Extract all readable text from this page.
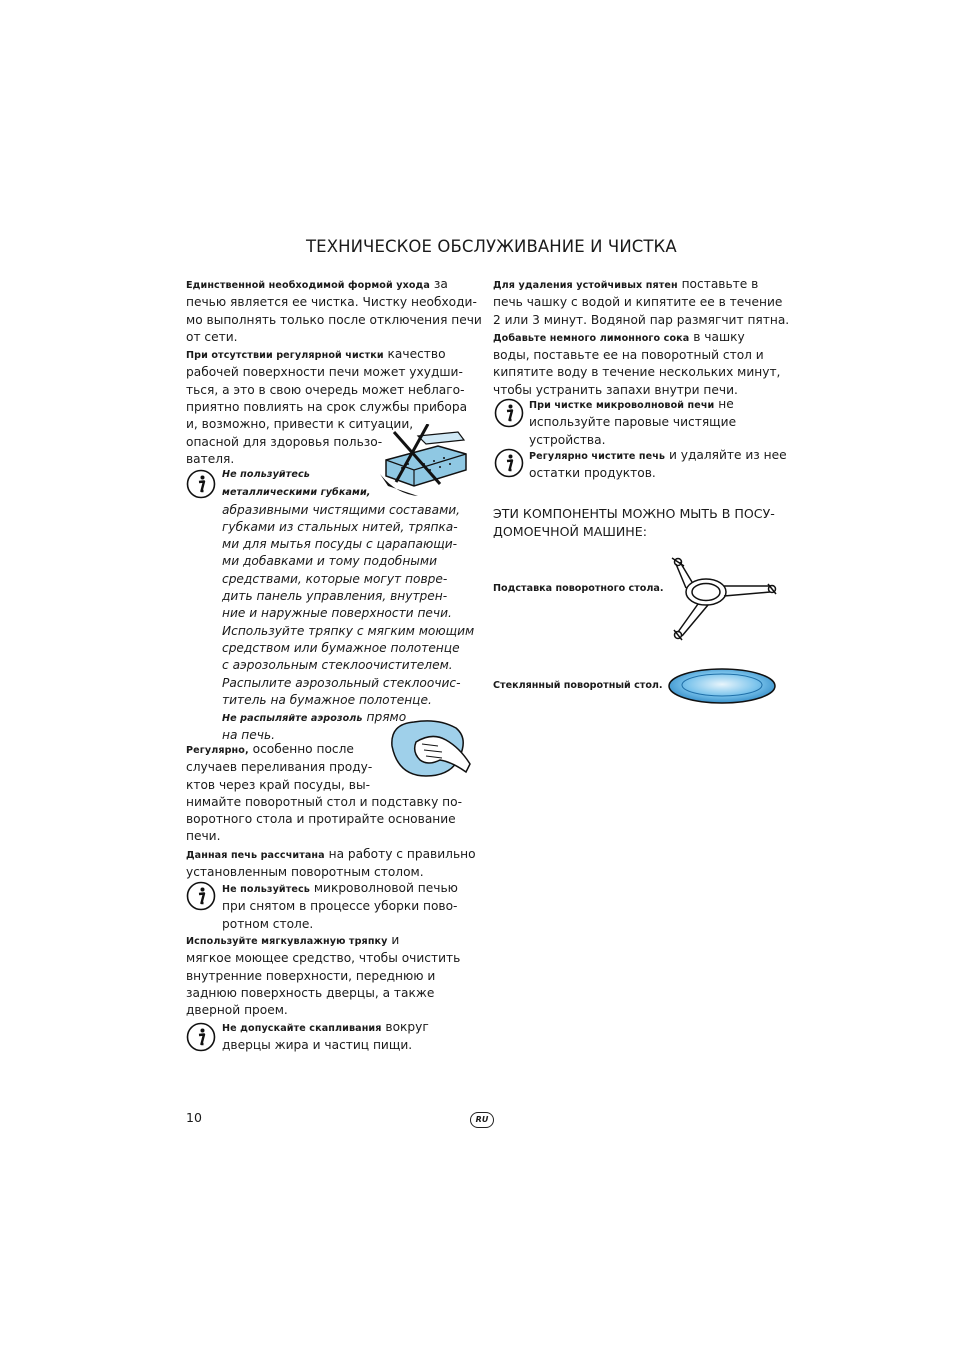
ТЕХНИЧЕСКОЕ ОБСЛУЖИВАНИЕ И ЧИСТКА

Единственной необходимой формой ухода за

печью является ее чистка. Чистку необходи-

мо выполнять только после отключения печи

от сети.

При отсутствии регулярной чистки качество

рабочей поверхности печи может ухудши-

ться, а это в свою очередь может неблаго-

приятно повлиять на срок службы прибора

и, возможно, привести к ситуации,

опасной для здоровья пользо-

вателя.

Не пользуйтесь

металлическими губками,

абразивными чистящими составами,

губками из стальных нитей, тряпка-

ми для мытья посуды с царапающи-

ми добавками и тому подобными

средствами, которые могут повре-

дить панель управления, внутрен-

ние и наружные поверхности печи.

Используйте тряпку с мягким моющим

средством или бумажное полотенце

с аэрозольным стеклоочистителем.

Распылите аэрозольный стеклоочис-

титель на бумажное полотенце.

Не распыляйте аэрозоль прямо

на печь.

Регулярно, особенно после

случаев переливания проду-

ктов через край посуды, вы-

нимайте поворотный стол и подставку по-

воротного стола и протирайте основание

печи.

Данная печь рассчитана на работу с правильно

установленным поворотным столом.

Не пользуйтесь микроволновой печью

при снятом в процессе уборки пово-

ротном столе.

Используйте мягкувлажную тряпку и

мягкое моющее средство, чтобы очистить

внутренние поверхности, переднюю и

заднюю поверхность дверцы, а также

дверной проем.

Не допускайте скапливания вокруг

дверцы жира и частиц пищи.

Для удаления устойчивых пятен поставьте в

печь чашку с водой и кипятите ее в течение

2 или 3 минут. Водяной пар размягчит пятна.

Добавьте немного лимонного сока в чашку

воды, поставьте ее на поворотный стол и

кипятите воду в течение нескольких минут,

чтобы устранить запахи внутри печи.

При чистке микроволновой печи не

используйте паровые чистящие

устройства.

Регулярно чистите печь и удаляйте из нее

остатки продуктов.

ЭТИ КОМПОНЕНТЫ МОЖНО МЫТЬ В ПОСУ-
ДОМОЕЧНОЙ МАШИНЕ:
Подставка поворотного стола.
Стеклянный поворотный стол.
10	RU
